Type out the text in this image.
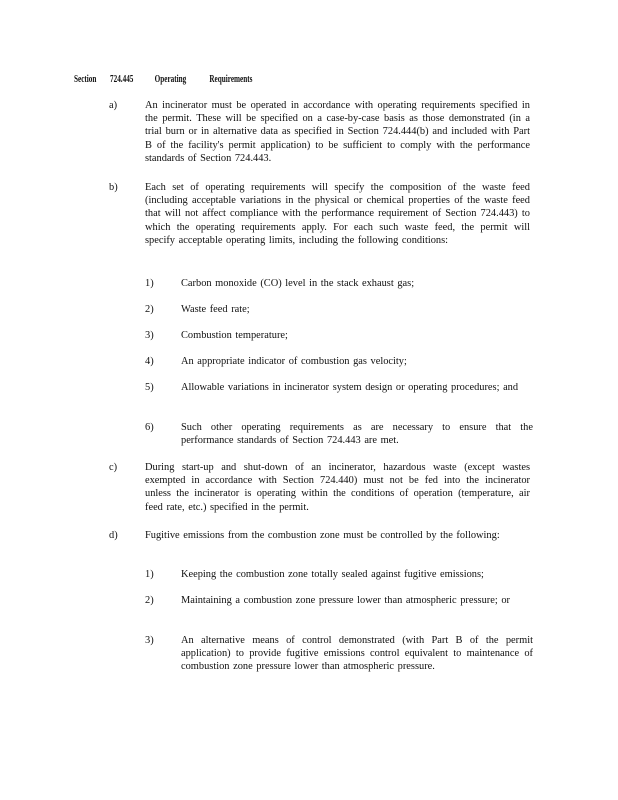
Section 724.445 Operating Requirements
a)	An incinerator must be operated in accordance with operating requirements specified in the permit. These will be specified on a case-by-case basis as those demonstrated (in a trial burn or in alternative data as specified in Section 724.444(b) and included with Part B of the facility's permit application) to be sufficient to comply with the performance standards of Section 724.443.
b)	Each set of operating requirements will specify the composition of the waste feed (including acceptable variations in the physical or chemical properties of the waste feed that will not affect compliance with the performance requirement of Section 724.443) to which the operating requirements apply. For each such waste feed, the permit will specify acceptable operating limits, including the following conditions:
1)	Carbon monoxide (CO) level in the stack exhaust gas;
2)	Waste feed rate;
3)	Combustion temperature;
4)	An appropriate indicator of combustion gas velocity;
5)	Allowable variations in incinerator system design or operating procedures; and
6)	Such other operating requirements as are necessary to ensure that the performance standards of Section 724.443 are met.
c)	During start-up and shut-down of an incinerator, hazardous waste (except wastes exempted in accordance with Section 724.440) must not be fed into the incinerator unless the incinerator is operating within the conditions of operation (temperature, air feed rate, etc.) specified in the permit.
d)	Fugitive emissions from the combustion zone must be controlled by the following:
1)	Keeping the combustion zone totally sealed against fugitive emissions;
2)	Maintaining a combustion zone pressure lower than atmospheric pressure; or
3)	An alternative means of control demonstrated (with Part B of the permit application) to provide fugitive emissions control equivalent to maintenance of combustion zone pressure lower than atmospheric pressure.
